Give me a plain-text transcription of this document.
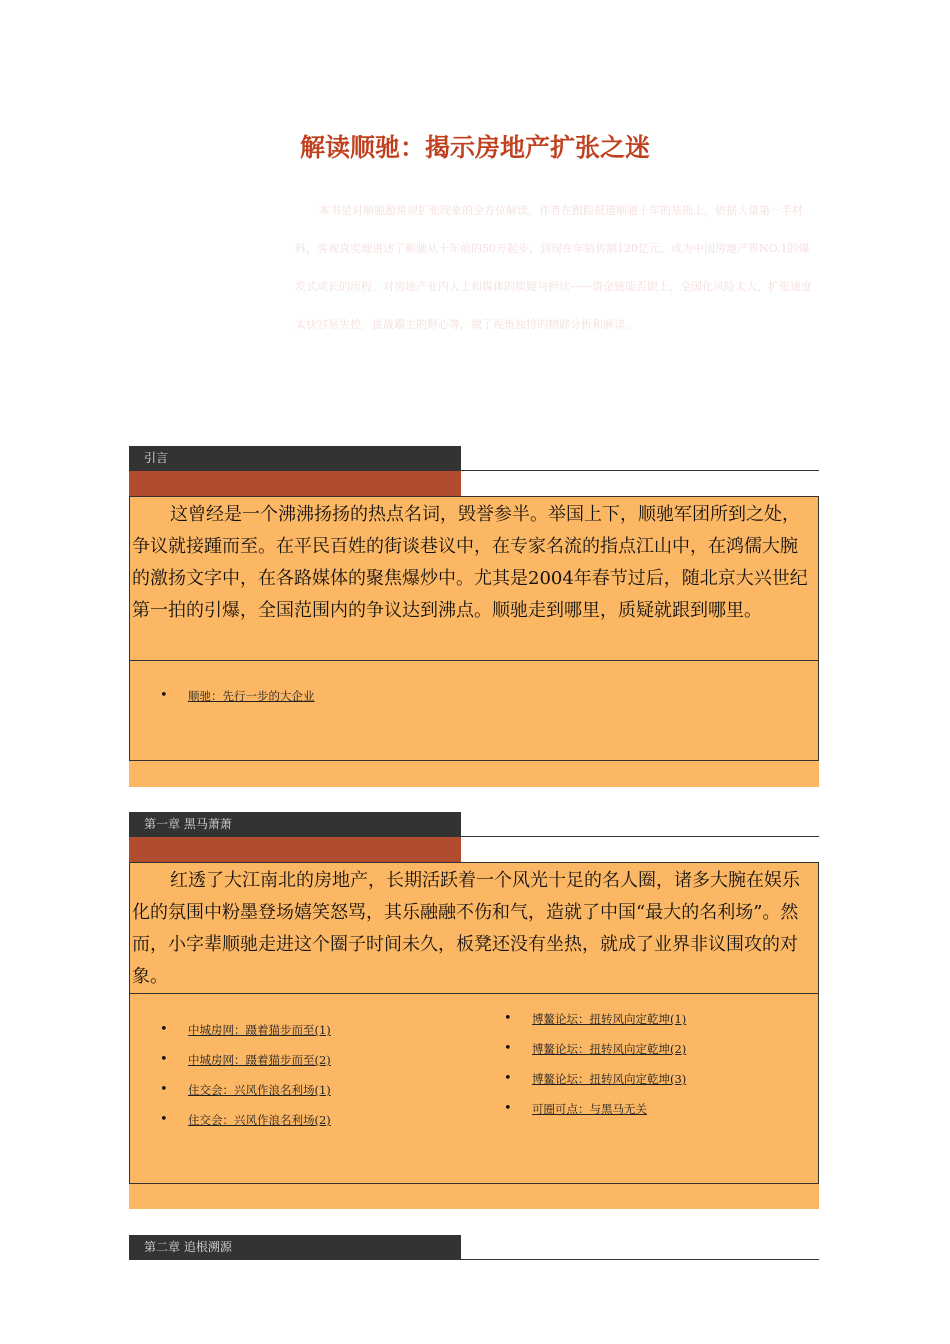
解读顺驰：揭示房地产扩张之迷

本书是对顺驰超常规扩张现象的全方位解读。作者在跟踪报道顺驰十年的基础上，依据大量第一手材料，客观真实地讲述了顺驰从十年前的50万起步，到现在年销售额120亿元，成为中国房地产界NO.1的爆发式成长的历程。对房地产业内人士和媒体的质疑与担忧——资金链能否跟上，全国化风险太大，扩张速度太快容易失控，挑战霸主的野心等，做了视角独特的精辟分析和解读。

引言

这曾经是一个沸沸扬扬的热点名词，毁誉参半。举国上下，顺驰军团所到之处，争议就接踵而至。在平民百姓的街谈巷议中，在专家名流的指点江山中，在鸿儒大腕的激扬文字中，在各路媒体的聚焦爆炒中。尤其是2004年春节过后，随北京大兴世纪第一拍的引爆，全国范围内的争议达到沸点。顺驰走到哪里，质疑就跟到哪里。

• 顺驰：先行一步的大企业
第一章 黑马萧萧

红透了大江南北的房地产，长期活跃着一个风光十足的名人圈，诸多大腕在娱乐化的氛围中粉墨登场嬉笑怒骂，其乐融融不伤和气，造就了中国“最大的名利场”。然而，小字辈顺驰走进这个圈子时间未久，板凳还没有坐热，就成了业界非议围攻的对象。

• 中城房网：蹑着猫步而至(1)
• 中城房网：蹑着猫步而至(2)
• 住交会：兴风作浪名利场(1)
• 住交会：兴风作浪名利场(2)
• 博鳌论坛：扭转风向定乾坤(1)
• 博鳌论坛：扭转风向定乾坤(2)
• 博鳌论坛：扭转风向定乾坤(3)
• 可圈可点：与黑马无关
第二章 追根溯源
